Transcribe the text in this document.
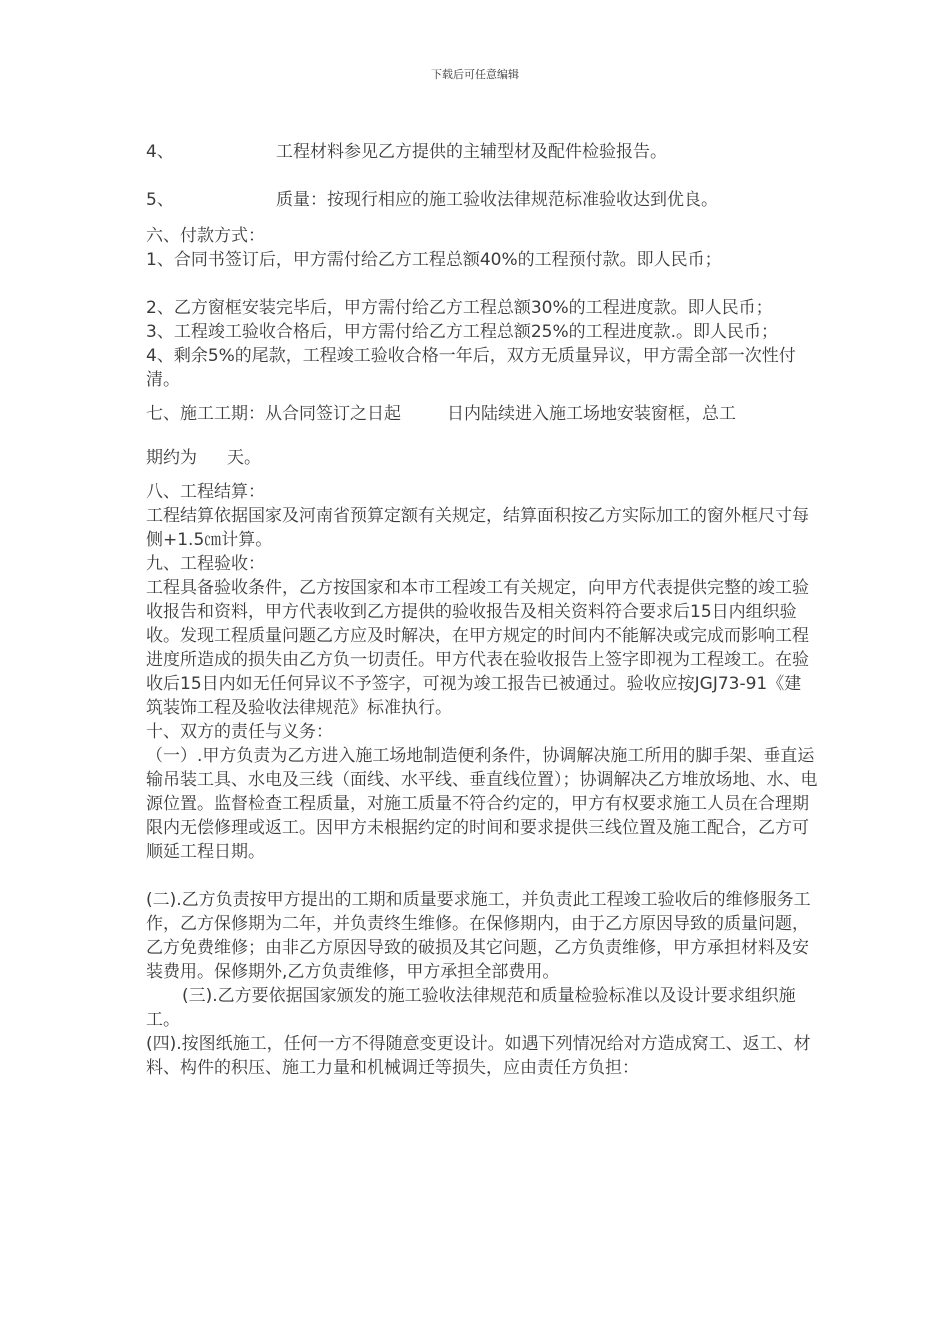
下载后可任意编辑

4、	工程材料参见乙方提供的主辅型材及配件检验报告。

5、	质量：按现行相应的施工验收法律规范标准验收达到优良。

六、付款方式：

1、合同书签订后，甲方需付给乙方工程总额40%的工程预付款。即人民币；

2、乙方窗框安装完毕后，甲方需付给乙方工程总额30%的工程进度款。即人民币；

3、工程竣工验收合格后，甲方需付给乙方工程总额25%的工程进度款.。即人民币；

4、剩余5%的尾款，工程竣工验收合格一年后，双方无质量异议，甲方需全部一次性付清。

七、施工工期：从合同签订之日起	日内陆续进入施工场地安装窗框，总工

期约为 天。

八、工程结算：

工程结算依据国家及河南省预算定额有关规定，结算面积按乙方实际加工的窗外框尺寸每侧+1.5㎝计算。

九、工程验收：

工程具备验收条件，乙方按国家和本市工程竣工有关规定，向甲方代表提供完整的竣工验收报告和资料，甲方代表收到乙方提供的验收报告及相关资料符合要求后15日内组织验收。发现工程质量问题乙方应及时解决，在甲方规定的时间内不能解决或完成而影响工程进度所造成的损失由乙方负一切责任。甲方代表在验收报告上签字即视为工程竣工。在验收后15日内如无任何异议不予签字，可视为竣工报告已被通过。验收应按JGJ73-91《建筑装饰工程及验收法律规范》标准执行。

十、双方的责任与义务：

（一）.甲方负责为乙方进入施工场地制造便利条件，协调解决施工所用的脚手架、垂直运输吊装工具、水电及三线（面线、水平线、垂直线位置）；协调解决乙方堆放场地、水、电源位置。监督检查工程质量，对施工质量不符合约定的，甲方有权要求施工人员在合理期限内无偿修理或返工。因甲方未根据约定的时间和要求提供三线位置及施工配合，乙方可顺延工程日期。

(二).乙方负责按甲方提出的工期和质量要求施工，并负责此工程竣工验收后的维修服务工作，乙方保修期为二年，并负责终生维修。在保修期内，由于乙方原因导致的质量问题，乙方免费维修；由非乙方原因导致的破损及其它问题，乙方负责维修，甲方承担材料及安装费用。保修期外,乙方负责维修，甲方承担全部费用。

(三).乙方要依据国家颁发的施工验收法律规范和质量检验标准以及设计要求组织施工。

(四).按图纸施工，任何一方不得随意变更设计。如遇下列情况给对方造成窝工、返工、材料、构件的积压、施工力量和机械调迁等损失，应由责任方负担：
